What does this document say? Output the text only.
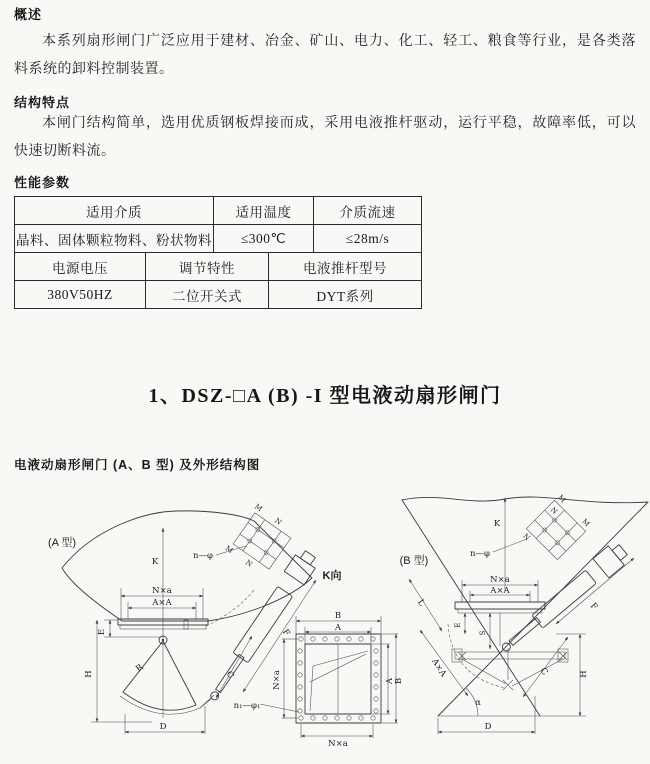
概述
本系列扇形闸门广泛应用于建材、冶金、矿山、电力、化工、轻工、粮食等行业，是各类落料系统的卸料控制装置。
结构特点
本闸门结构简单，选用优质钢板焊接而成，采用电液推杆驱动，运行平稳，故障率低，可以快速切断料流。
性能参数
适用介质	适用温度	介质流速
晶料、固体颗粒物料、粉状物料	≤300℃	≤28m/s
电源电压	调节特性	电液推杆型号
380V50HZ	二位开关式	DYT系列
1、DSZ-□A (B) -I 型电液动扇形闸门
电液动扇形闸门 (A、B 型) 及外形结构图
(A 型)
K
n—φ
M
N
M
N
N×a
A×A
R
E
H
D
C
F
K向
B
A
A B
N×a
N×a
n₁—φ₁
(B 型)
α
K
n—φ
M
M
N
N
N×a
A×A
E
S
A×A
L
C
F
H
D
